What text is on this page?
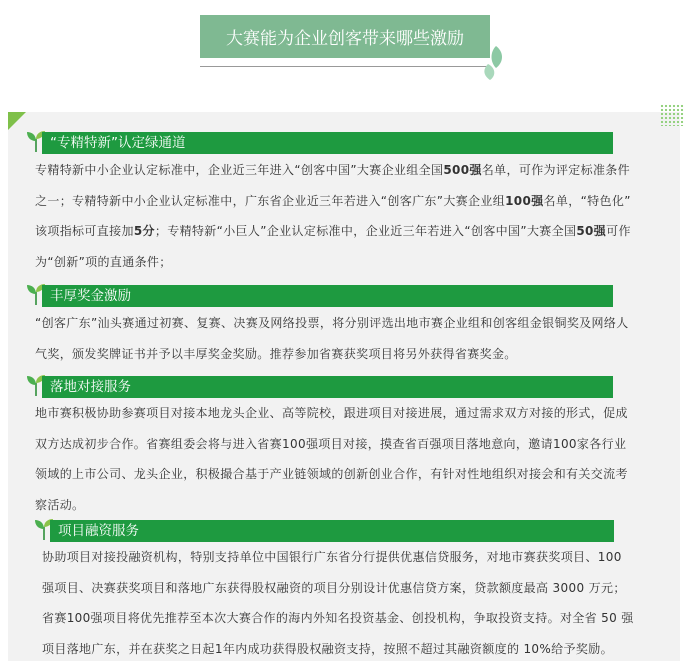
大赛能为企业创客带来哪些激励
“专精特新”认定绿通道
专精特新中小企业认定标准中，企业近三年进入“创客中国”大赛企业组全国500强名单，可作为评定标准条件
之一；专精特新中小企业认定标准中，广东省企业近三年若进入“创客广东”大赛企业组100强名单，“特色化”
该项指标可直接加5分；专精特新“小巨人”企业认定标准中，企业近三年若进入“创客中国”大赛全国50强可作
为“创新”项的直通条件；
丰厚奖金激励
“创客广东”汕头赛通过初赛、复赛、决赛及网络投票，将分别评选出地市赛企业组和创客组金银铜奖及网络人
气奖，颁发奖牌证书并予以丰厚奖金奖励。推荐参加省赛获奖项目将另外获得省赛奖金。
落地对接服务
地市赛积极协助参赛项目对接本地龙头企业、高等院校，跟进项目对接进展，通过需求双方对接的形式，促成
双方达成初步合作。省赛组委会将与进入省赛100强项目对接，摸查省百强项目落地意向，邀请100家各行业
领域的上市公司、龙头企业，积极撮合基于产业链领域的创新创业合作，有针对性地组织对接会和有关交流考
察活动。
项目融资服务
协助项目对接投融资机构，特别支持单位中国银行广东省分行提供优惠信贷服务，对地市赛获奖项目、100
强项目、决赛获奖项目和落地广东获得股权融资的项目分别设计优惠信贷方案，贷款额度最高 3000 万元；
省赛100强项目将优先推荐至本次大赛合作的海内外知名投资基金、创投机构，争取投资支持。对全省 50 强
项目落地广东，并在获奖之日起1年内成功获得股权融资支持，按照不超过其融资额度的 10%给予奖励。
